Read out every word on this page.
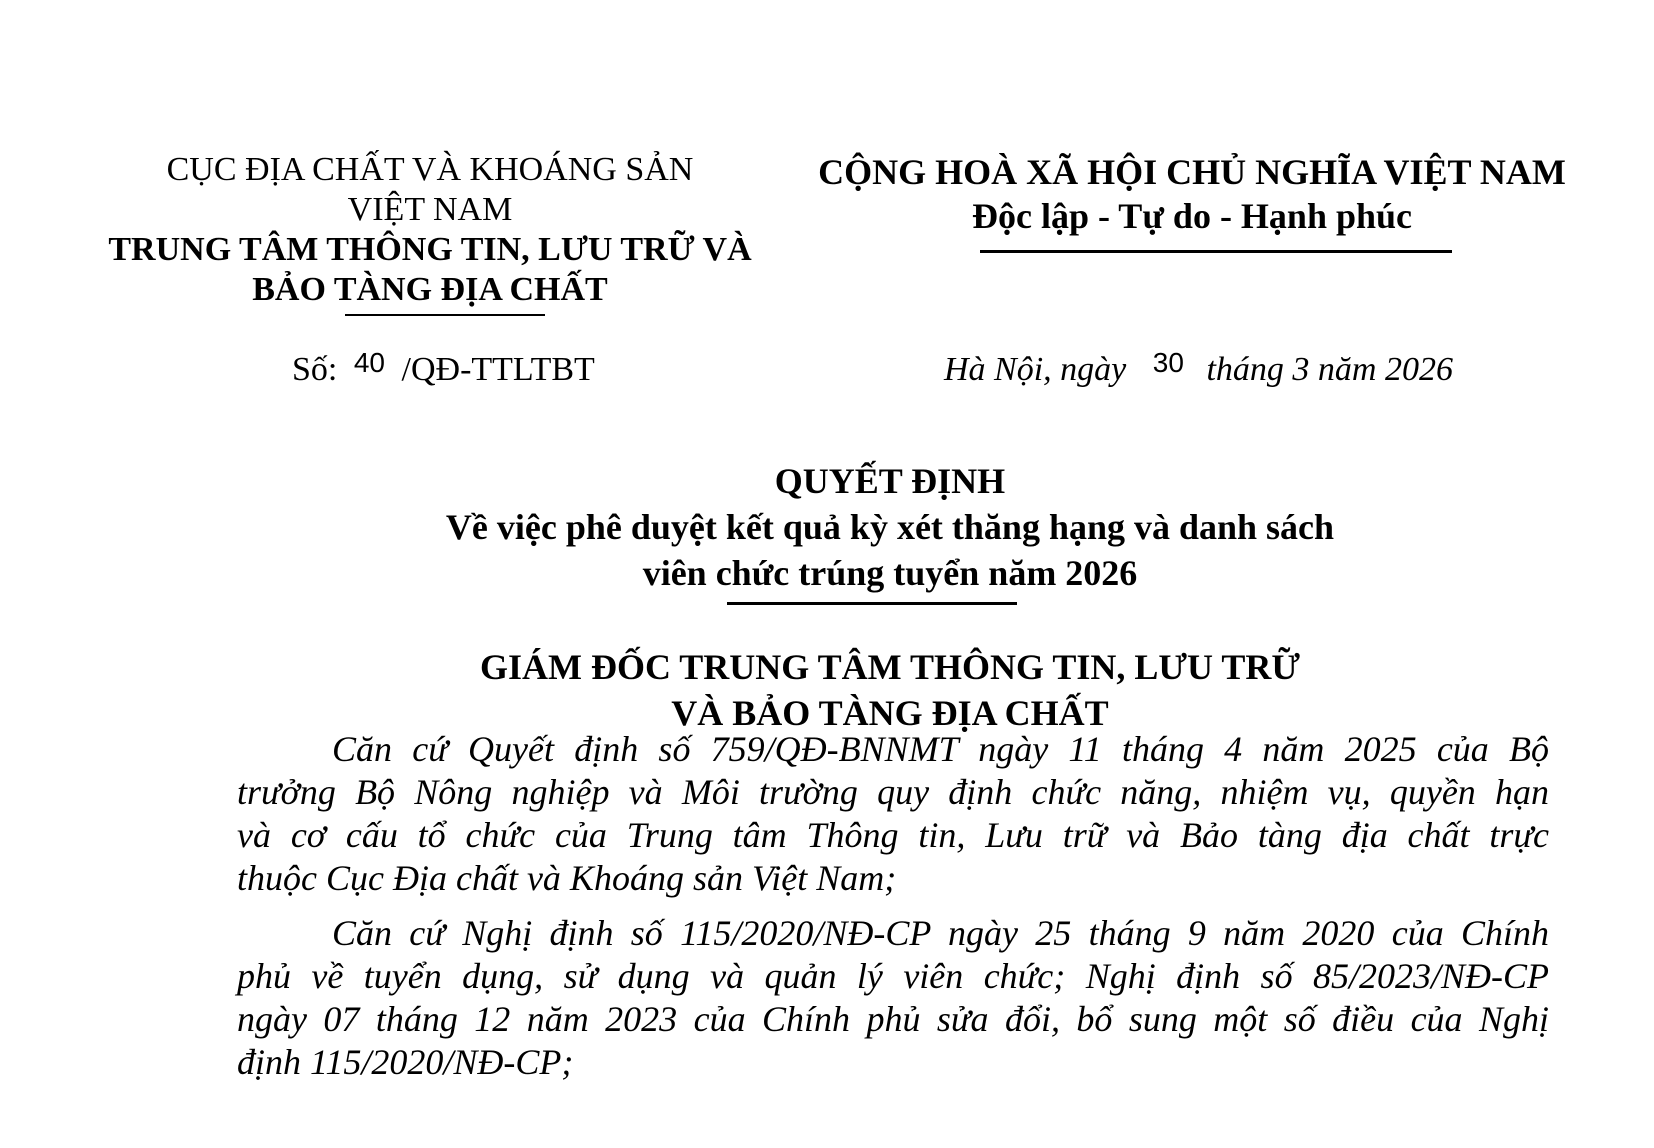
CỤC ĐỊA CHẤT VÀ KHOÁNG SẢN
VIỆT NAM
TRUNG TÂM THÔNG TIN, LƯU TRỮ VÀ
BẢO TÀNG ĐỊA CHẤT
CỘNG HOÀ XÃ HỘI CHỦ NGHĨA VIỆT NAM
Độc lập - Tự do - Hạnh phúc
Số: $^{40}$ /QĐ-TTLTBT	Hà Nội, ngày $^{30}$ tháng 3 năm 2026
QUYẾT ĐỊNH
Về việc phê duyệt kết quả kỳ xét thăng hạng và danh sách
viên chức trúng tuyển năm 2026
GIÁM ĐỐC TRUNG TÂM THÔNG TIN, LƯU TRỮ
VÀ BẢO TÀNG ĐỊA CHẤT
Căn cứ Quyết định số 759/QĐ-BNNMT ngày 11 tháng 4 năm 2025 của Bộ
trưởng Bộ Nông nghiệp và Môi trường quy định chức năng, nhiệm vụ, quyền hạn
và cơ cấu tổ chức của Trung tâm Thông tin, Lưu trữ và Bảo tàng địa chất trực
thuộc Cục Địa chất và Khoáng sản Việt Nam;
Căn cứ Nghị định số 115/2020/NĐ-CP ngày 25 tháng 9 năm 2020 của Chính
phủ về tuyển dụng, sử dụng và quản lý viên chức; Nghị định số 85/2023/NĐ-CP
ngày 07 tháng 12 năm 2023 của Chính phủ sửa đổi, bổ sung một số điều của Nghị
định 115/2020/NĐ-CP;
